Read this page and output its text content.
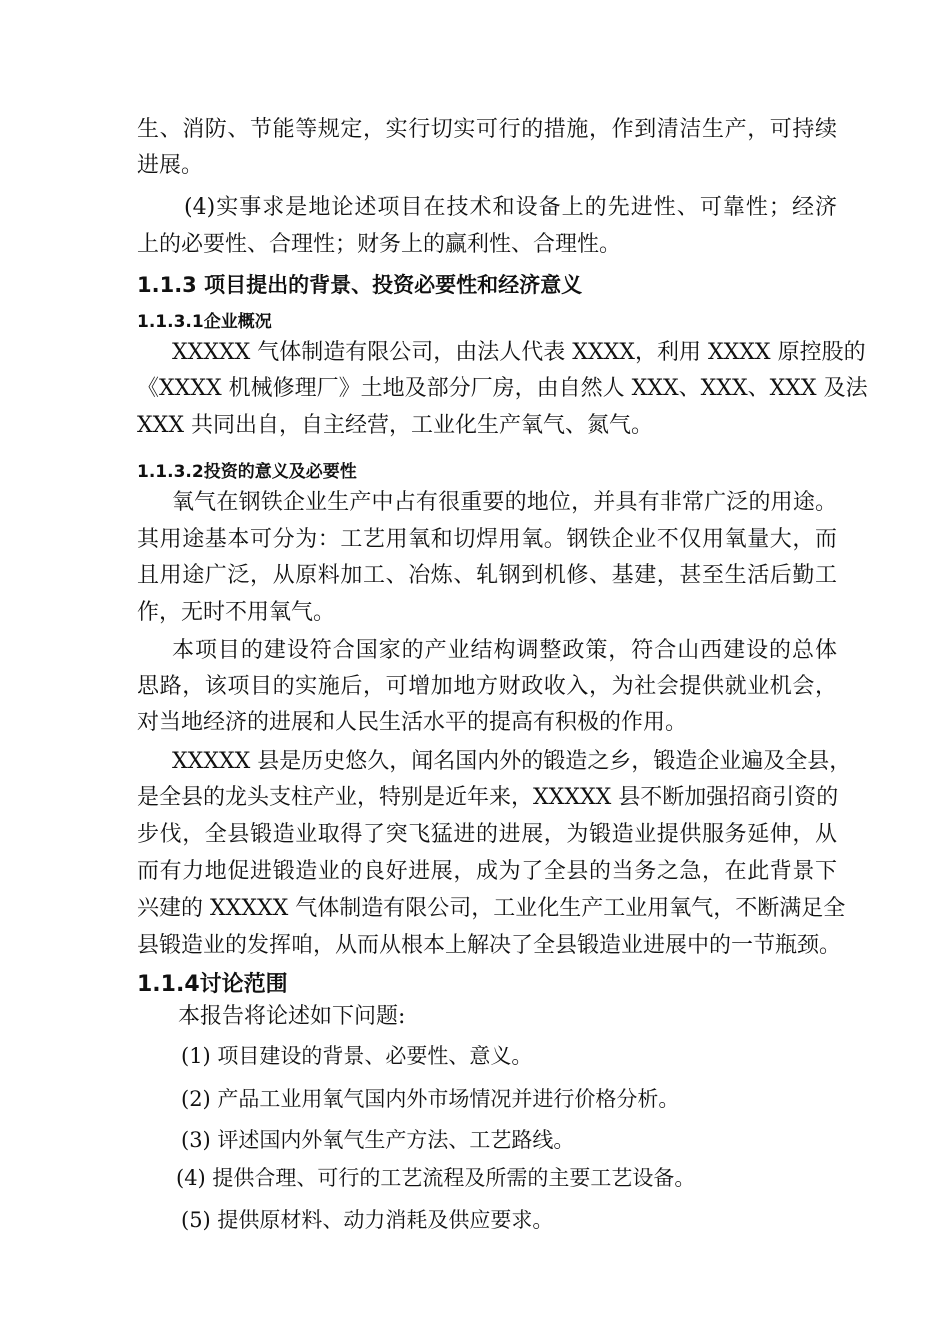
生、消防、节能等规定，实行切实可行的措施，作到清洁生产，可持续
进展。
(4)实事求是地论述项目在技术和设备上的先进性、可靠性；经济
上的必要性、合理性；财务上的赢利性、合理性。
1.1.3 项目提出的背景、投资必要性和经济意义
1.1.3.1企业概况
XXXXX 气体制造有限公司，由法人代表 XXXX，利用 XXXX 原控股的
《XXXX 机械修理厂》土地及部分厂房，由自然人 XXX、XXX、XXX 及法
XXX 共同出自，自主经营，工业化生产氧气、氮气。
1.1.3.2投资的意义及必要性
氧气在钢铁企业生产中占有很重要的地位，并具有非常广泛的用途。
其用途基本可分为：工艺用氧和切焊用氧。钢铁企业不仅用氧量大，而
且用途广泛，从原料加工、冶炼、轧钢到机修、基建，甚至生活后勤工
作，无时不用氧气。
本项目的建设符合国家的产业结构调整政策，符合山西建设的总体
思路，该项目的实施后，可增加地方财政收入，为社会提供就业机会，
对当地经济的进展和人民生活水平的提高有积极的作用。
XXXXX 县是历史悠久，闻名国内外的锻造之乡，锻造企业遍及全县，
是全县的龙头支柱产业，特别是近年来，XXXXX 县不断加强招商引资的
步伐，全县锻造业取得了突飞猛进的进展，为锻造业提供服务延伸，从
而有力地促进锻造业的良好进展，成为了全县的当务之急，在此背景下
兴建的 XXXXX 气体制造有限公司，工业化生产工业用氧气，不断满足全
县锻造业的发挥咱，从而从根本上解决了全县锻造业进展中的一节瓶颈。
1.1.4讨论范围
本报告将论述如下问题:
(1) 项目建设的背景、必要性、意义。
(2) 产品工业用氧气国内外市场情况并进行价格分析。
(3) 评述国内外氧气生产方法、工艺路线。
(4) 提供合理、可行的工艺流程及所需的主要工艺设备。
(5) 提供原材料、动力消耗及供应要求。
